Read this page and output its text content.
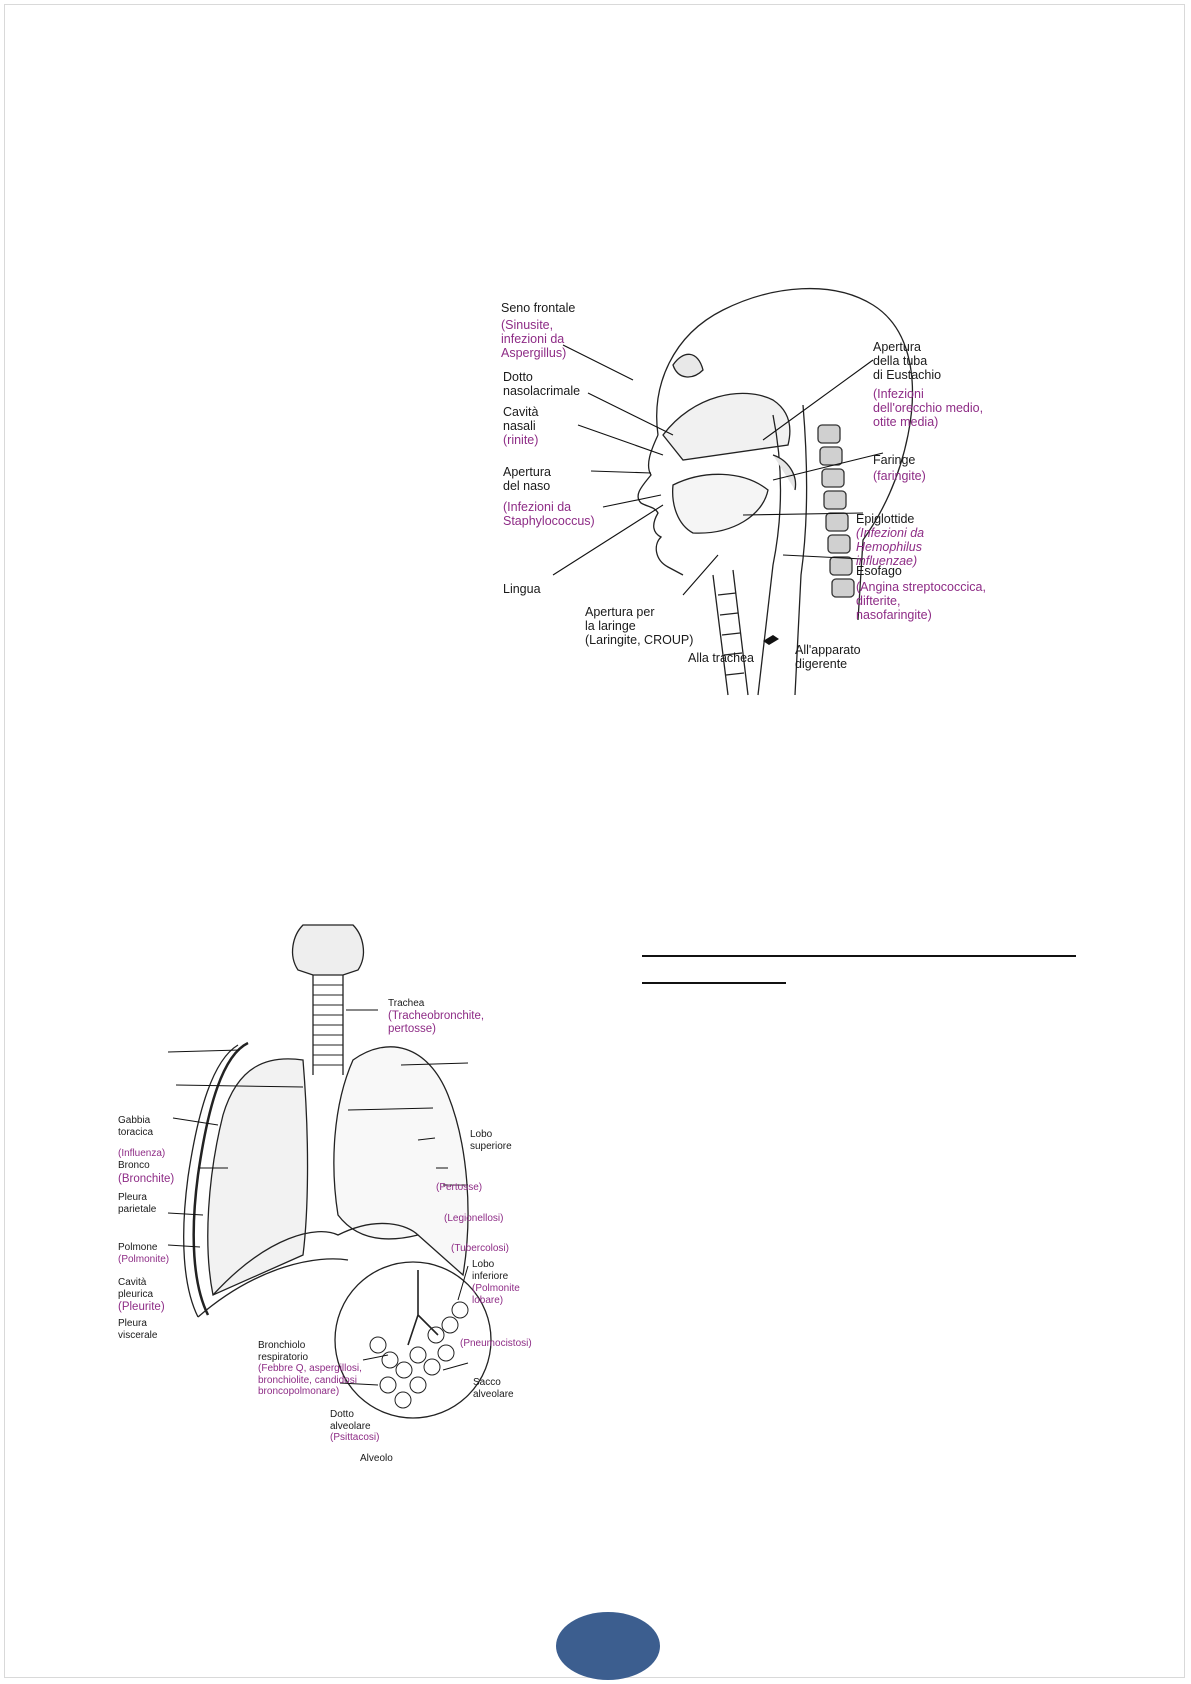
Seno frontale
(Sinusite,
infezioni da
Aspergillus)
Dotto
nasolacrimale
Cavità
nasali
(rinite)
Apertura
del naso
(Infezioni da
Staphylococcus)
Lingua
Apertura per
la laringe
(Laringite, CROUP)
Alla trachea
All'apparato
digerente
Apertura
della tuba
di Eustachio
(Infezioni
dell'orecchio medio,
otite media)
Faringe
(faringite)
Epiglottide
(Infezioni da
Hemophilus
influenzae)
Esofago
(Angina streptococcica,
difterite,
nasofaringite)
Trachea
(Tracheobronchite,
pertosse)
Gabbia
toracica
(Influenza)
Bronco
(Bronchite)
Pleura
parietale
Polmone
(Polmonite)
Cavità
pleurica
(Pleurite)
Pleura
viscerale
Bronchiolo
respiratorio
(Febbre Q, aspergillosi,
bronchiolite, candidosi
broncopolmonare)
Dotto
alveolare
(Psittacosi)
Alveolo
Lobo
superiore
(Pertosse)
(Legionellosi)
(Tubercolosi)
Lobo
inferiore
(Polmonite
lobare)
(Pneumocistosi)
Sacco
alveolare
